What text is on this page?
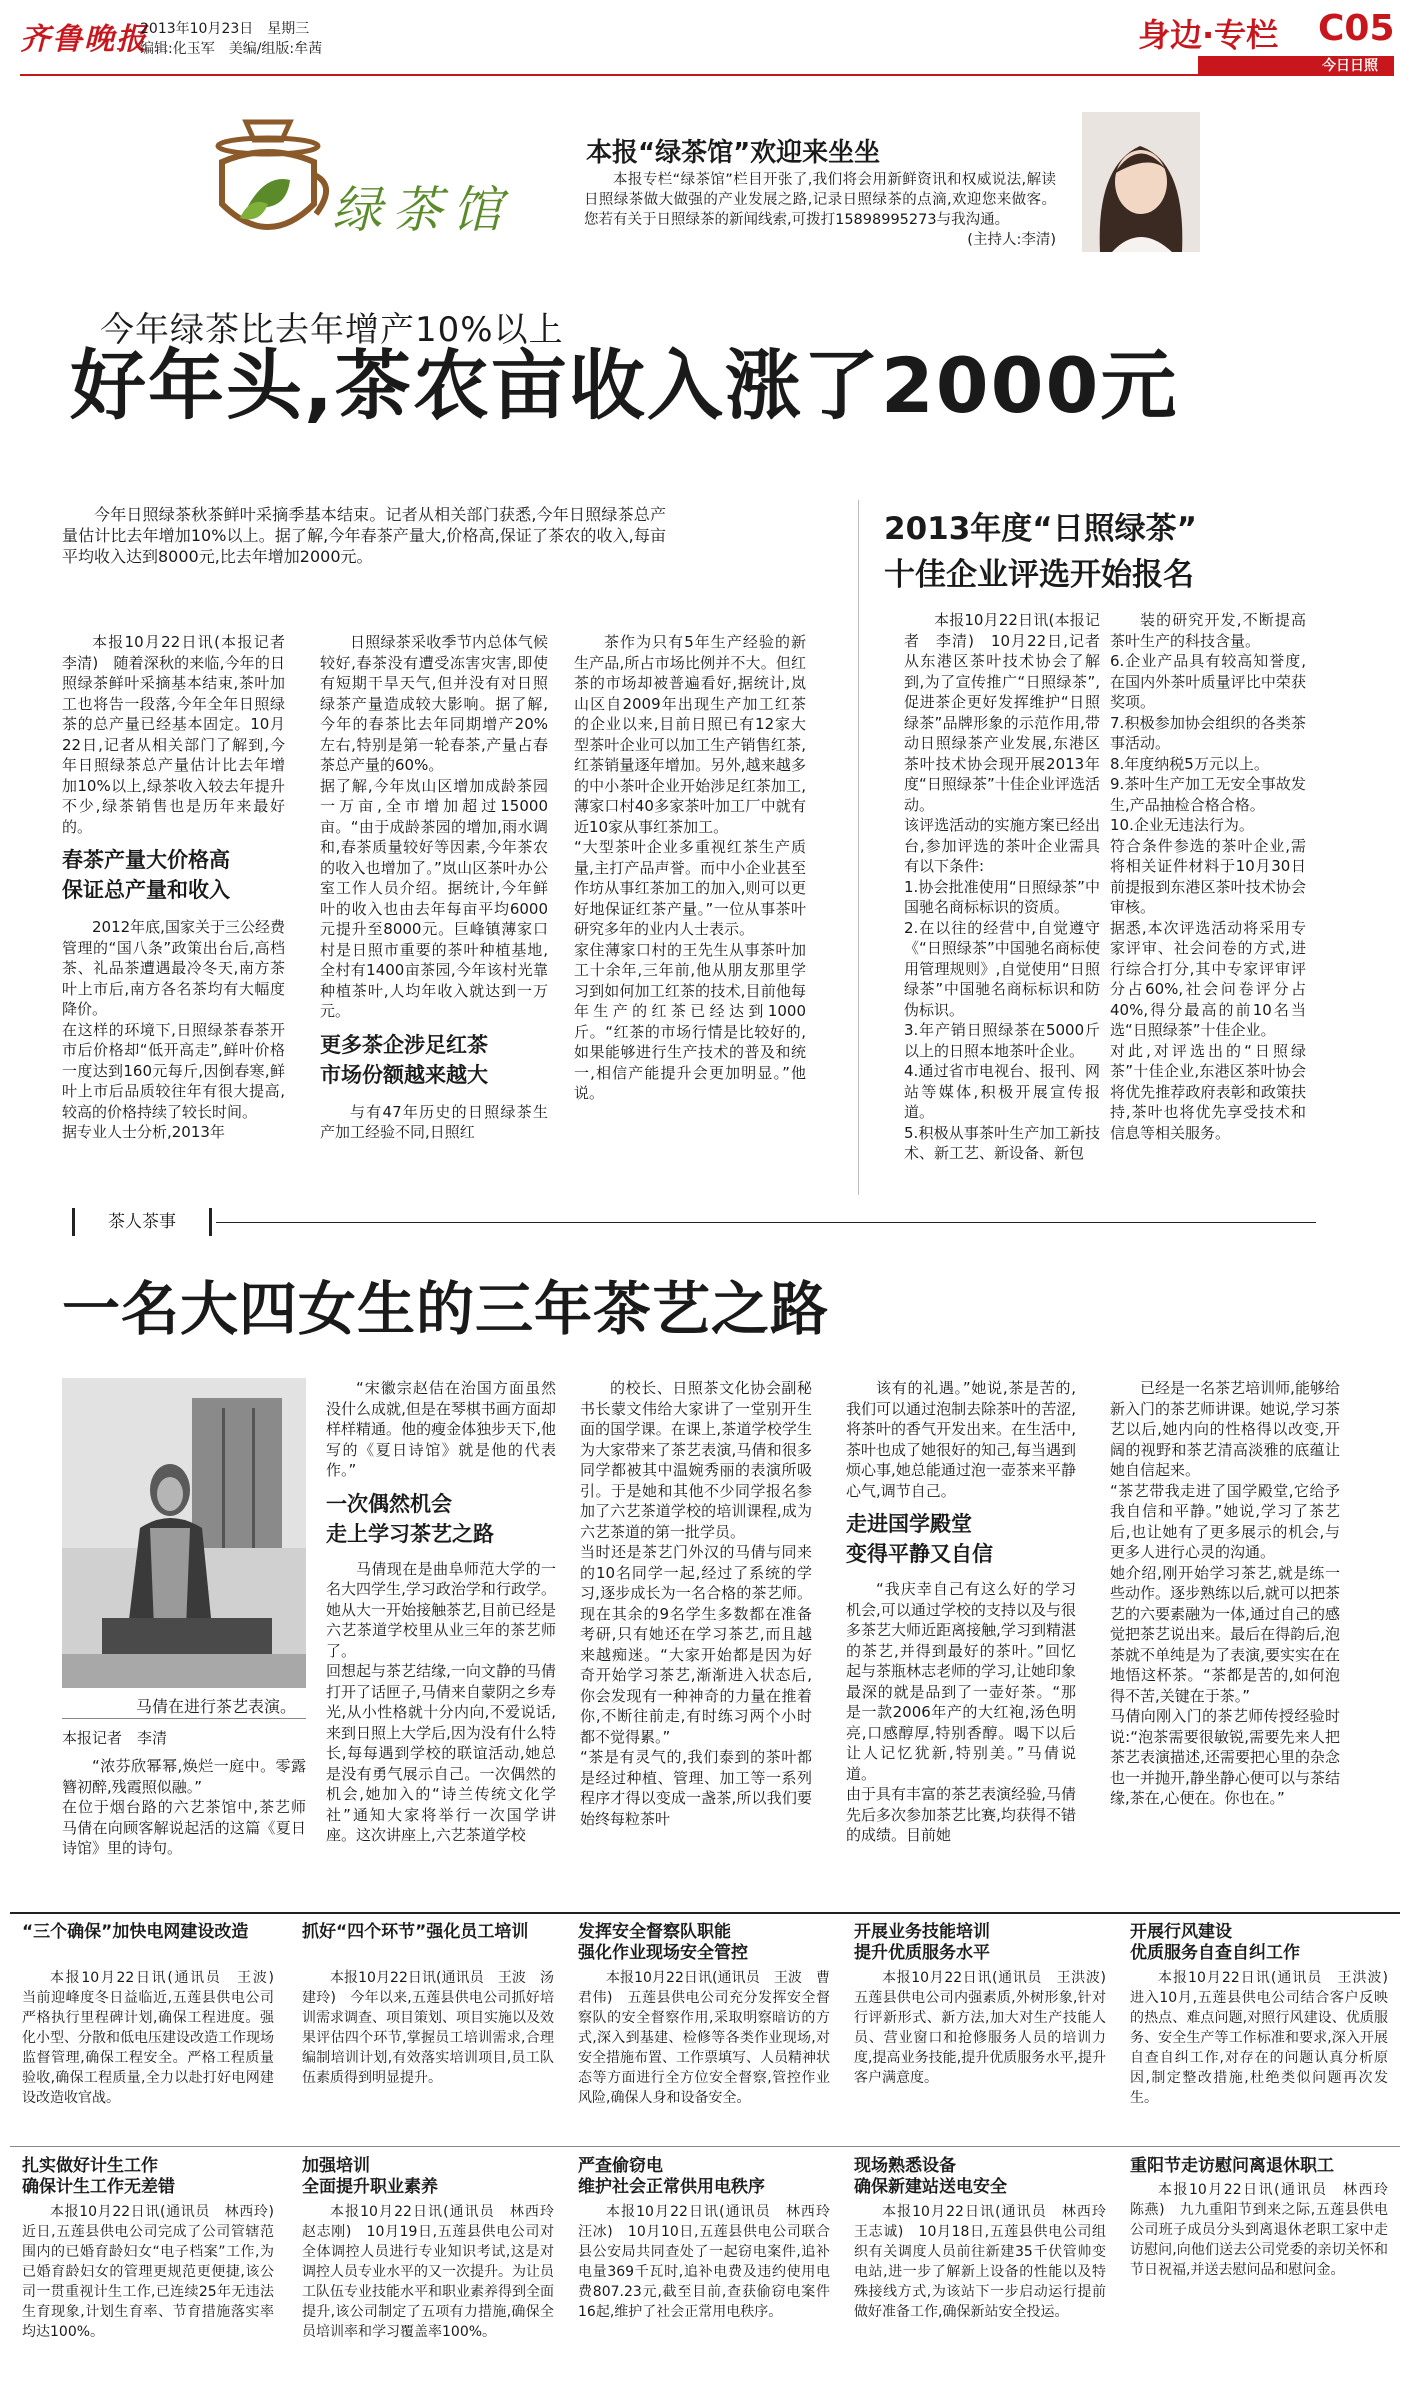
齐鲁晚报
2013年10月23日　星期三
编辑:化玉军　美编/组版:牟茜	身边·专栏 C05
今日日照
绿茶馆
本报“绿茶馆”欢迎来坐坐

本报专栏“绿茶馆”栏目开张了,我们将会用新鲜资讯和权威说法,解读日照绿茶做大做强的产业发展之路,记录日照绿茶的点滴,欢迎您来做客。您若有关于日照绿茶的新闻线索,可拨打15898995273与我沟通。

(主持人:李清)

今年绿茶比去年增产10%以上
好年头,茶农亩收入涨了2000元

今年日照绿茶秋茶鲜叶采摘季基本结束。记者从相关部门获悉,今年日照绿茶总产量估计比去年增加10%以上。据了解,今年春茶产量大,价格高,保证了茶农的收入,每亩平均收入达到8000元,比去年增加2000元。

本报10月22日讯(本报记者　李清)　随着深秋的来临,今年的日照绿茶鲜叶采摘基本结束,茶叶加工也将告一段落,今年全年日照绿茶的总产量已经基本固定。10月22日,记者从相关部门了解到,今年日照绿茶总产量估计比去年增加10%以上,绿茶收入较去年提升不少,绿茶销售也是历年来最好的。

春茶产量大价格高
保证总产量和收入

2012年底,国家关于三公经费管理的“国八条”政策出台后,高档茶、礼品茶遭遇最冷冬天,南方茶叶上市后,南方各名茶均有大幅度降价。
在这样的环境下,日照绿茶春茶开市后价格却“低开高走”,鲜叶价格一度达到160元每斤,因倒春寒,鲜叶上市后品质较往年有很大提高,较高的价格持续了较长时间。
据专业人士分析,2013年

日照绿茶采收季节内总体气候较好,春茶没有遭受冻害灾害,即使有短期干旱天气,但并没有对日照绿茶产量造成较大影响。据了解,今年的春茶比去年同期增产20%左右,特别是第一轮春茶,产量占春茶总产量的60%。
据了解,今年岚山区增加成龄茶园一万亩,全市增加超过15000亩。“由于成龄茶园的增加,雨水调和,春茶质量较好等因素,今年茶农的收入也增加了。”岚山区茶叶办公室工作人员介绍。据统计,今年鲜叶的收入也由去年每亩平均6000元提升至8000元。巨峰镇薄家口村是日照市重要的茶叶种植基地,全村有1400亩茶园,今年该村光靠种植茶叶,人均年收入就达到一万元。

更多茶企涉足红茶
市场份额越来越大

与有47年历史的日照绿茶生产加工经验不同,日照红

茶作为只有5年生产经验的新生产品,所占市场比例并不大。但红茶的市场却被普遍看好,据统计,岚山区自2009年出现生产加工红茶的企业以来,目前日照已有12家大型茶叶企业可以加工生产销售红茶,红茶销量逐年增加。另外,越来越多的中小茶叶企业开始涉足红茶加工,薄家口村40多家茶叶加工厂中就有近10家从事红茶加工。
“大型茶叶企业多重视红茶生产质量,主打产品声誉。而中小企业甚至作坊从事红茶加工的加入,则可以更好地保证红茶产量。”一位从事茶叶研究多年的业内人士表示。
家住薄家口村的王先生从事茶叶加工十余年,三年前,他从朋友那里学习到如何加工红茶的技术,目前他每年生产的红茶已经达到1000斤。“红茶的市场行情是比较好的,如果能够进行生产技术的普及和统一,相信产能提升会更加明显。”他说。

2013年度“日照绿茶”
十佳企业评选开始报名

本报10月22日讯(本报记者　李清)　10月22日,记者从东港区茶叶技术协会了解到,为了宣传推广“日照绿茶”,促进茶企更好发挥维护“日照绿茶”品牌形象的示范作用,带动日照绿茶产业发展,东港区茶叶技术协会现开展2013年度“日照绿茶”十佳企业评选活动。
该评选活动的实施方案已经出台,参加评选的茶叶企业需具有以下条件:
1.协会批准使用“日照绿茶”中国驰名商标标识的资质。
2.在以往的经营中,自觉遵守《“日照绿茶”中国驰名商标使用管理规则》,自觉使用“日照绿茶”中国驰名商标标识和防伪标识。
3.年产销日照绿茶在5000斤以上的日照本地茶叶企业。
4.通过省市电视台、报刊、网站等媒体,积极开展宣传报道。
5.积极从事茶叶生产加工新技术、新工艺、新设备、新包

装的研究开发,不断提高茶叶生产的科技含量。
6.企业产品具有较高知誉度,在国内外茶叶质量评比中荣获奖项。
7.积极参加协会组织的各类茶事活动。
8.年度纳税5万元以上。
9.茶叶生产加工无安全事故发生,产品抽检合格合格。
10.企业无违法行为。
符合条件参选的茶叶企业,需将相关证件材料于10月30日前提报到东港区茶叶技术协会审核。
据悉,本次评选活动将采用专家评审、社会问卷的方式,进行综合打分,其中专家评审评分占60%,社会问卷评分占40%,得分最高的前10名当选“日照绿茶”十佳企业。
对此,对评选出的“日照绿茶”十佳企业,东港区茶叶协会将优先推荐政府表彰和政策扶持,茶叶也将优先享受技术和信息等相关服务。

茶人茶事
一名大四女生的三年茶艺之路
马倩在进行茶艺表演。
本报记者　李清

“浓芬欣幂幂,焕烂一庭中。零露簪初醉,残霞照似融。”
在位于烟台路的六艺茶馆中,茶艺师马倩在向顾客解说起活的这篇《夏日诗馆》里的诗句。

“宋徽宗赵佶在治国方面虽然没什么成就,但是在琴棋书画方面却样样精通。他的瘦金体独步天下,他写的《夏日诗馆》就是他的代表作。”

一次偶然机会
走上学习茶艺之路

马倩现在是曲阜师范大学的一名大四学生,学习政治学和行政学。她从大一开始接触茶艺,目前已经是六艺茶道学校里从业三年的茶艺师了。
回想起与茶艺结缘,一向文静的马倩打开了话匣子,马倩来自蒙阴之乡寿光,从小性格就十分内向,不爱说话,来到日照上大学后,因为没有什么特长,每每遇到学校的联谊活动,她总是没有勇气展示自己。一次偶然的机会,她加入的“诗兰传统文化学社”通知大家将举行一次国学讲座。这次讲座上,六艺茶道学校

的校长、日照茶文化协会副秘书长蒙文伟给大家讲了一堂别开生面的国学课。在课上,茶道学校学生为大家带来了茶艺表演,马倩和很多同学都被其中温婉秀丽的表演所吸引。于是她和其他不少同学报名参加了六艺茶道学校的培训课程,成为六艺茶道的第一批学员。
当时还是茶艺门外汉的马倩与同来的10名同学一起,经过了系统的学习,逐步成长为一名合格的茶艺师。现在其余的9名学生多数都在准备考研,只有她还在学习茶艺,而且越来越痴迷。“大家开始都是因为好奇开始学习茶艺,渐渐进入状态后,你会发现有一种神奇的力量在推着你,不断往前走,有时练习两个小时都不觉得累。”
“茶是有灵气的,我们泰到的茶叶都是经过种植、管理、加工等一系列程序才得以变成一盏茶,所以我们要始终每粒茶叶

该有的礼遇。”她说,茶是苦的,我们可以通过泡制去除茶叶的苦涩,将茶叶的香气开发出来。在生活中,茶叶也成了她很好的知己,每当遇到烦心事,她总能通过泡一壶茶来平静心气,调节自己。

走进国学殿堂
变得平静又自信

“我庆幸自己有这么好的学习机会,可以通过学校的支持以及与很多茶艺大师近距离接触,学习到精湛的茶艺,并得到最好的茶叶。”回忆起与茶瓶林志老师的学习,让她印象最深的就是品到了一壶好茶。“那是一款2006年产的大红袍,汤色明亮,口感醇厚,特别香醇。喝下以后让人记忆犹新,特别美。”马倩说道。
由于具有丰富的茶艺表演经验,马倩先后多次参加茶艺比赛,均获得不错的成绩。目前她

已经是一名茶艺培训师,能够给新入门的茶艺师讲课。她说,学习茶艺以后,她内向的性格得以改变,开阔的视野和茶艺清高淡雅的底蕴让她自信起来。
“茶艺带我走进了国学殿堂,它给予我自信和平静。”她说,学习了茶艺后,也让她有了更多展示的机会,与更多人进行心灵的沟通。
她介绍,刚开始学习茶艺,就是练一些动作。逐步熟练以后,就可以把茶艺的六要素融为一体,通过自己的感觉把茶艺说出来。最后在得韵后,泡茶就不单纯是为了表演,要实实在在地悟这杯茶。“茶都是苦的,如何泡得不苦,关键在于茶。”
马倩向刚入门的茶艺师传授经验时说:“泡茶需要很敏锐,需要先来人把茶艺表演描述,还需要把心里的杂念也一并抛开,静坐静心便可以与茶结缘,茶在,心便在。你也在。”

“三个确保”加快电网建设改造

本报10月22日讯(通讯员　王波)　当前迎峰度冬日益临近,五莲县供电公司严格执行里程碑计划,确保工程进度。强化小型、分散和低电压建设改造工作现场监督管理,确保工程安全。严格工程质量验收,确保工程质量,全力以赴打好电网建设改造收官战。

抓好“四个环节”强化员工培训

本报10月22日讯(通讯员　王波　汤建玲)　今年以来,五莲县供电公司抓好培训需求调查、项目策划、项目实施以及效果评估四个环节,掌握员工培训需求,合理编制培训计划,有效落实培训项目,员工队伍素质得到明显提升。

发挥安全督察队职能
强化作业现场安全管控

本报10月22日讯(通讯员　王波　曹君伟)　五莲县供电公司充分发挥安全督察队的安全督察作用,采取明察暗访的方式,深入到基建、检修等各类作业现场,对安全措施布置、工作票填写、人员精神状态等方面进行全方位安全督察,管控作业风险,确保人身和设备安全。

开展业务技能培训
提升优质服务水平

本报10月22日讯(通讯员　王洪波)　五莲县供电公司内强素质,外树形象,针对行评新形式、新方法,加大对生产技能人员、营业窗口和抢修服务人员的培训力度,提高业务技能,提升优质服务水平,提升客户满意度。

开展行风建设
优质服务自查自纠工作

本报10月22日讯(通讯员　王洪波)　进入10月,五莲县供电公司结合客户反映的热点、难点问题,对照行风建设、优质服务、安全生产等工作标准和要求,深入开展自查自纠工作,对存在的问题认真分析原因,制定整改措施,杜绝类似问题再次发生。

扎实做好计生工作
确保计生工作无差错

本报10月22日讯(通讯员　林西玲)　近日,五莲县供电公司完成了公司管辖范围内的已婚育龄妇女“电子档案”工作,为已婚育龄妇女的管理更规范更便捷,该公司一贯重视计生工作,已连续25年无违法生育现象,计划生育率、节育措施落实率均达100%。

加强培训
全面提升职业素养

本报10月22日讯(通讯员　林西玲　赵志刚)　10月19日,五莲县供电公司对全体调控人员进行专业知识考试,这是对调控人员专业水平的又一次提升。为让员工队伍专业技能水平和职业素养得到全面提升,该公司制定了五项有力措施,确保全员培训率和学习覆盖率100%。

严查偷窃电
维护社会正常供用电秩序

本报10月22日讯(通讯员　林西玲　汪冰)　10月10日,五莲县供电公司联合县公安局共同查处了一起窃电案件,追补电量369千瓦时,追补电费及违约使用电费807.23元,截至目前,查获偷窃电案件16起,维护了社会正常用电秩序。

现场熟悉设备
确保新建站送电安全

本报10月22日讯(通讯员　林西玲　王志诚)　10月18日,五莲县供电公司组织有关调度人员前往新建35千伏管帅变电站,进一步了解新上设备的性能以及特殊接线方式,为该站下一步启动运行提前做好准备工作,确保新站安全投运。

重阳节走访慰问离退休职工

本报10月22日讯(通讯员　林西玲　陈燕)　九九重阳节到来之际,五莲县供电公司班子成员分头到离退休老职工家中走访慰问,向他们送去公司党委的亲切关怀和节日祝福,并送去慰问品和慰问金。
